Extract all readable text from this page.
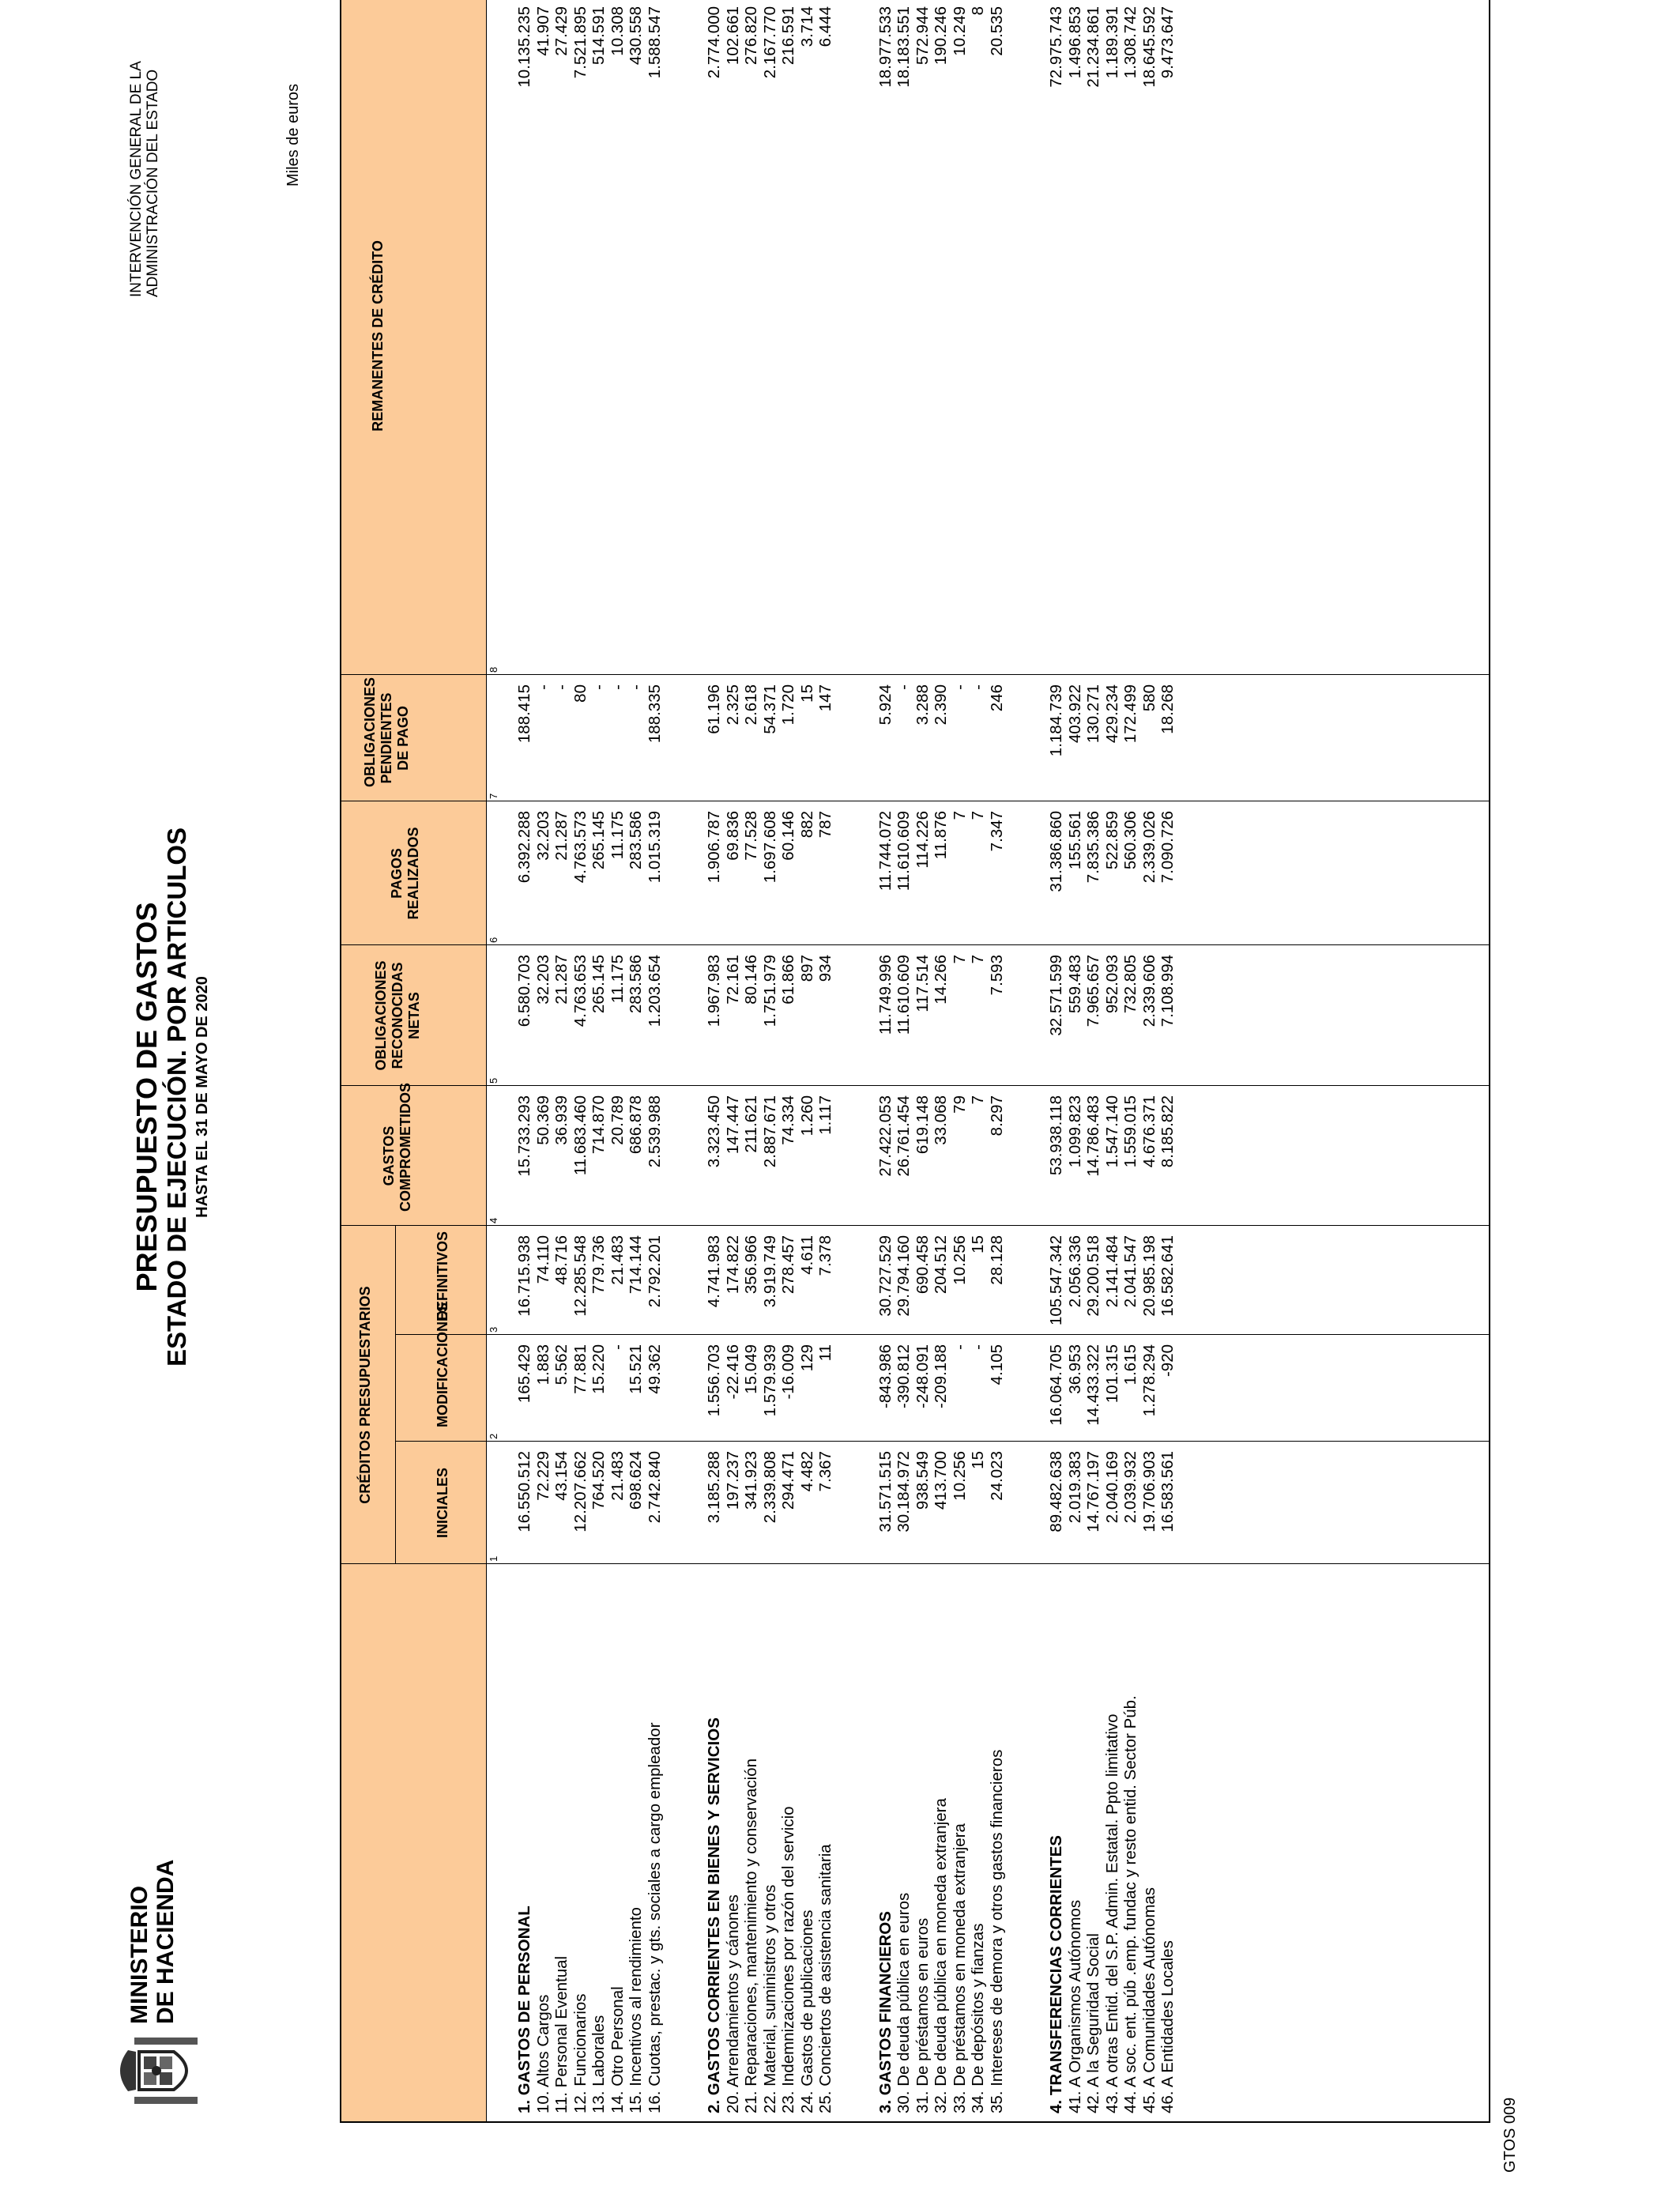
MINISTERIO DE HACIENDA
PRESUPUESTO DE GASTOS ESTADO DE EJECUCIÓN. POR ARTICULOS HASTA EL 31 DE MAYO DE 2020
INTERVENCIÓN GENERAL DE LA ADMINISTRACIÓN DEL ESTADO	Miles de euros
CRÉDITOS PRESUPUESTARIOS	INICIALES
MODIFICACIONES
DEFINITIVOS
GASTOS COMPROMETIDOS
OBLIGACIONES RECONOCIDAS NETAS
PAGOS REALIZADOS
OBLIGACIONES PENDIENTES DE PAGO
REMANENTES DE CRÉDITO
1
2
3
4
5
6
7
8
1. GASTOS DE PERSONAL
16.550.512
165.429
16.715.938
15.733.293
6.580.703
6.392.288
188.415
10.135.235
10. Altos Cargos
72.229
1.883
74.110
50.369
32.203
32.203
-
41.907
11. Personal Eventual
43.154
5.562
48.716
36.939
21.287
21.287
-
27.429
12. Funcionarios
12.207.662
77.881
12.285.548
11.683.460
4.763.653
4.763.573
80
7.521.895
13. Laborales
764.520
15.220
779.736
714.870
265.145
265.145
-
514.591
14. Otro Personal
21.483
-
21.483
20.789
11.175
11.175
-
10.308
15. Incentivos al rendimiento
698.624
15.521
714.144
686.878
283.586
283.586
-
430.558
16. Cuotas, prestac. y gts. sociales a cargo empleador
2.742.840
49.362
2.792.201
2.539.988
1.203.654
1.015.319
188.335
1.588.547
2. GASTOS CORRIENTES EN BIENES Y SERVICIOS
3.185.288
1.556.703
4.741.983
3.323.450
1.967.983
1.906.787
61.196
2.774.000
20. Arrendamientos y cánones
197.237
-22.416
174.822
147.447
72.161
69.836
2.325
102.661
21. Reparaciones, mantenimiento y conservación
341.923
15.049
356.966
211.621
80.146
77.528
2.618
276.820
22. Material, suministros y otros
2.339.808
1.579.939
3.919.749
2.887.671
1.751.979
1.697.608
54.371
2.167.770
23. Indemnizaciones por razón del servicio
294.471
-16.009
278.457
74.334
61.866
60.146
1.720
216.591
24. Gastos de publicaciones
4.482
129
4.611
1.260
897
882
15
3.714
25. Conciertos de asistencia sanitaria
7.367
11
7.378
1.117
934
787
147
6.444
3. GASTOS FINANCIEROS
31.571.515
-843.986
30.727.529
27.422.053
11.749.996
11.744.072
5.924
18.977.533
30. De deuda pública en euros
30.184.972
-390.812
29.794.160
26.761.454
11.610.609
11.610.609
-
18.183.551
31. De préstamos en euros
938.549
-248.091
690.458
619.148
117.514
114.226
3.288
572.944
32. De deuda pública en moneda extranjera
413.700
-209.188
204.512
33.068
14.266
11.876
2.390
190.246
33. De préstamos en moneda extranjera
10.256
-
10.256
79
7
7
-
10.249
34. De depósitos y fianzas
15
-
15
7
7
7
-
8
35. Intereses de demora y otros gastos financieros
24.023
4.105
28.128
8.297
7.593
7.347
246
20.535
4. TRANSFERENCIAS CORRIENTES
89.482.638
16.064.705
105.547.342
53.938.118
32.571.599
31.386.860
1.184.739
72.975.743
41. A Organismos Autónomos
2.019.383
36.953
2.056.336
1.099.823
559.483
155.561
403.922
1.496.853
42. A la Seguridad Social
14.767.197
14.433.322
29.200.518
14.786.483
7.965.657
7.835.386
130.271
21.234.861
43. A otras Entid. del S.P. Admin. Estatal. Ppto limitativo
2.040.169
101.315
2.141.484
1.547.140
952.093
522.859
429.234
1.189.391
44. A soc. ent. púb .emp. fundac y resto entid. Sector Púb.
2.039.932
1.615
2.041.547
1.559.015
732.805
560.306
172.499
1.308.742
45. A Comunidades Autónomas
19.706.903
1.278.294
20.985.198
4.676.371
2.339.606
2.339.026
580
18.645.592
46. A Entidades Locales
16.583.561
-920
16.582.641
8.185.822
7.108.994
7.090.726
18.268
9.473.647
GTOS 009
